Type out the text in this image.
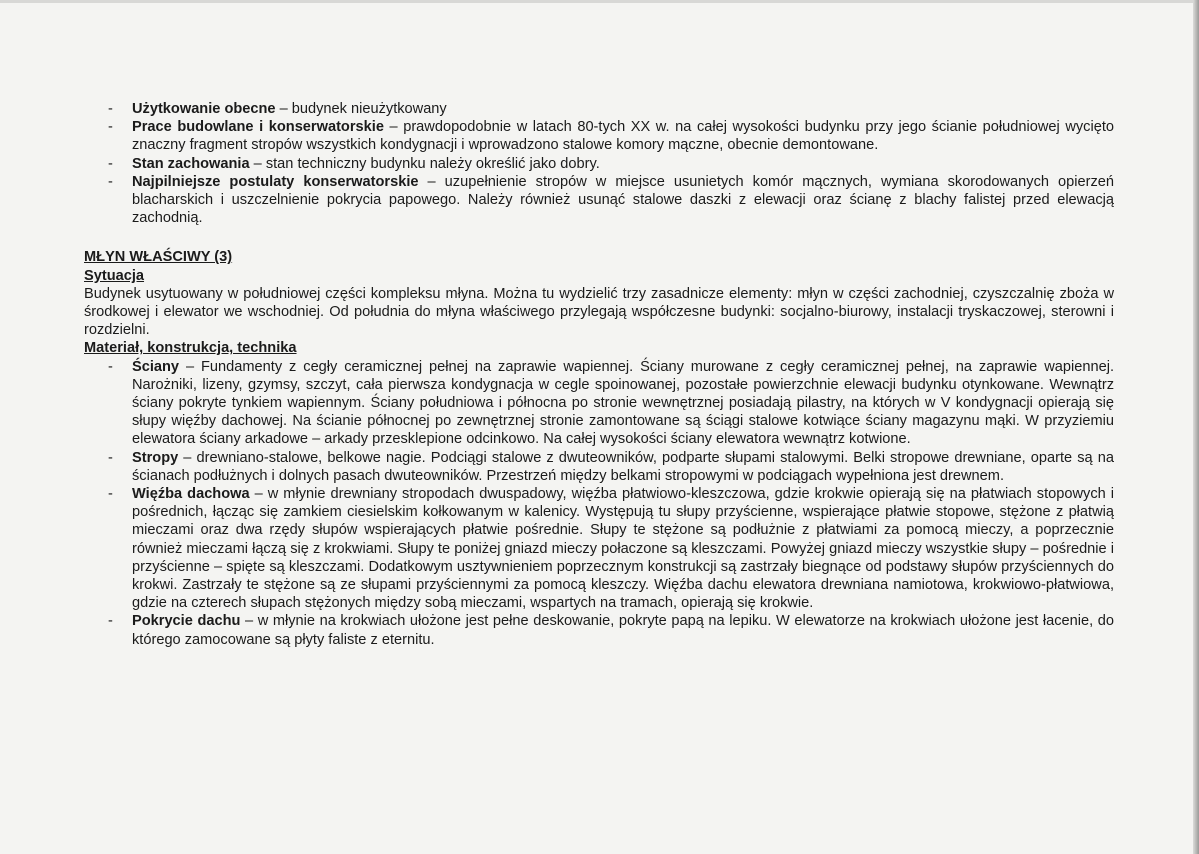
- Użytkowanie obecne – budynek nieużytkowany
- Prace budowlane i konserwatorskie – prawdopodobnie w latach 80-tych XX w. na całej wysokości budynku przy jego ścianie południowej wycięto znaczny fragment stropów wszystkich kondygnacji i wprowadzono stalowe komory mączne, obecnie demontowane.
- Stan zachowania – stan techniczny budynku należy określić jako dobry.
- Najpilniejsze postulaty konserwatorskie – uzupełnienie stropów w miejsce usunietych komór mącznych, wymiana skorodowanych opierzeń blacharskich i uszczelnienie pokrycia papowego. Należy również usunąć stalowe daszki z elewacji oraz ścianę z blachy falistej przed elewacją zachodnią.
MŁYN WŁAŚCIWY (3)
Sytuacja
Budynek usytuowany w południowej części kompleksu młyna. Można tu wydzielić trzy zasadnicze elementy: młyn w części zachodniej, czyszczalnię zboża w środkowej i elewator we wschodniej. Od południa do młyna właściwego przylegają współczesne budynki: socjalno-biurowy, instalacji tryskaczowej, sterowni i rozdzielni.
Materiał, konstrukcja, technika
- Ściany – Fundamenty z cegły ceramicznej pełnej na zaprawie wapiennej. Ściany murowane z cegły ceramicznej pełnej, na zaprawie wapiennej. Narożniki, lizeny, gzymsy, szczyt, cała pierwsza kondygnacja w cegle spoinowanej, pozostałe powierzchnie elewacji budynku otynkowane. Wewnątrz ściany pokryte tynkiem wapiennym. Ściany południowa i północna po stronie wewnętrznej posiadają pilastry, na których w V kondygnacji opierają się słupy więźby dachowej. Na ścianie północnej po zewnętrznej stronie zamontowane są ściągi stalowe kotwiące ściany magazynu mąki. W przyziemiu elewatora ściany arkadowe – arkady przesklepione odcinkowo. Na całej wysokości ściany elewatora wewnątrz kotwione.
- Stropy – drewniano-stalowe, belkowe nagie. Podciągi stalowe z dwuteowników, podparte słupami stalowymi. Belki stropowe drewniane, oparte są na ścianach podłużnych i dolnych pasach dwuteowników. Przestrzeń między belkami stropowymi w podciągach wypełniona jest drewnem.
- Więźba dachowa – w młynie drewniany stropodach dwuspadowy, więźba płatwiowo-kleszczowa, gdzie krokwie opierają się na płatwiach stopowych i pośrednich, łącząc się zamkiem ciesielskim kołkowanym w kalenicy. Występują tu słupy przyścienne, wspierające płatwie stopowe, stężone z płatwią mieczami oraz dwa rzędy słupów wspierających płatwie pośrednie. Słupy te stężone są podłużnie z płatwiami za pomocą mieczy, a poprzecznie również mieczami łączą się z krokwiami. Słupy te poniżej gniazd mieczy połaczone są kleszczami. Powyżej gniazd mieczy wszystkie słupy – pośrednie i przyścienne – spięte są kleszczami. Dodatkowym usztywnieniem poprzecznym konstrukcji są zastrzały biegnące od podstawy słupów przyściennych do krokwi. Zastrzały te stężone są ze słupami przyściennymi za pomocą kleszczy. Więźba dachu elewatora drewniana namiotowa, krokwiowo-płatwiowa, gdzie na czterech słupach stężonych między sobą mieczami, wspartych na tramach, opierają się krokwie.
- Pokrycie dachu – w młynie na krokwiach ułożone jest pełne deskowanie, pokryte papą na lepiku. W elewatorze na krokwiach ułożone jest łacenie, do którego zamocowane są płyty faliste z eternitu.
